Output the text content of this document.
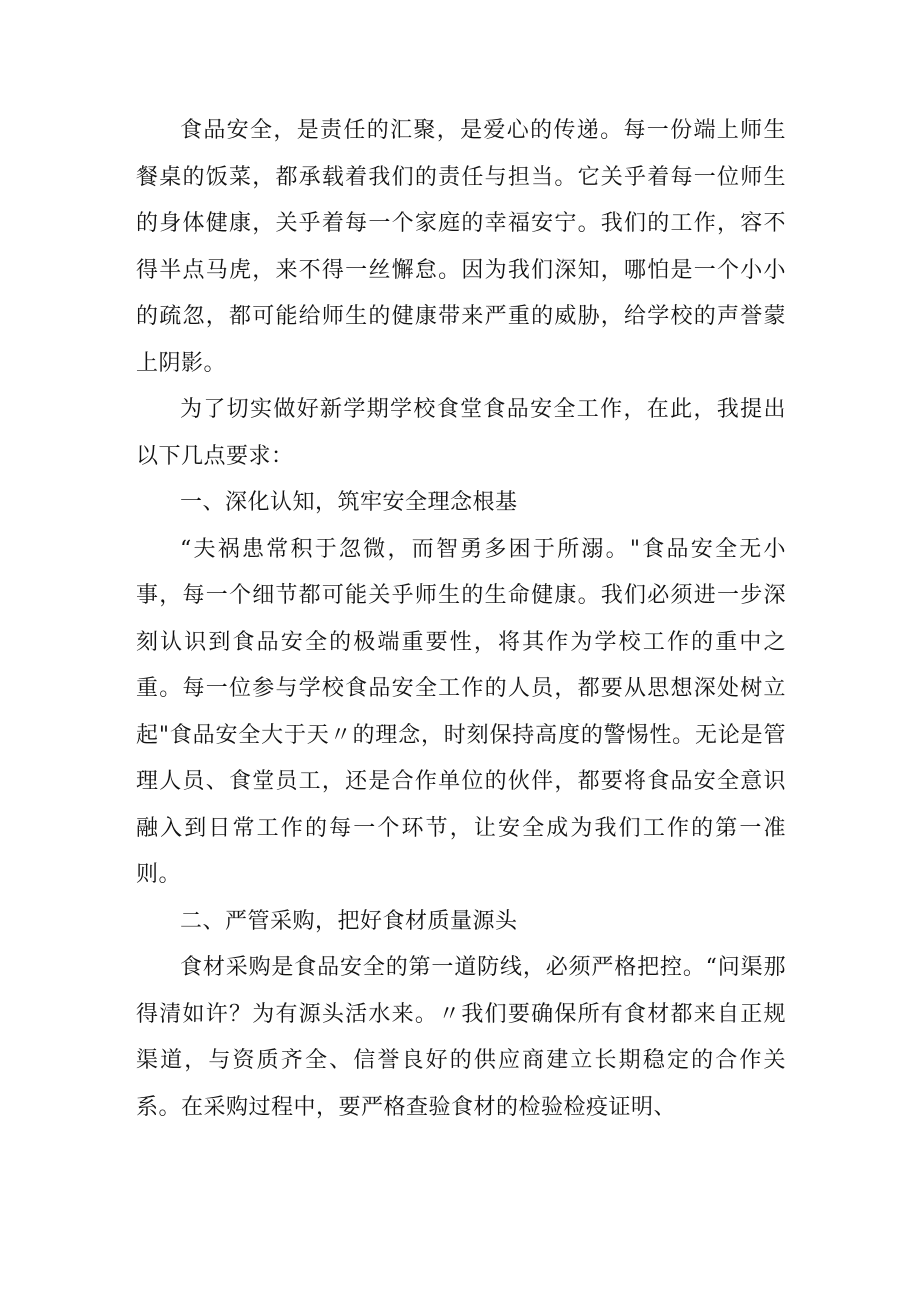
食品安全，是责任的汇聚，是爱心的传递。每一份端上师生餐桌的饭菜，都承载着我们的责任与担当。它关乎着每一位师生的身体健康，关乎着每一个家庭的幸福安宁。我们的工作，容不得半点马虎，来不得一丝懈怠。因为我们深知，哪怕是一个小小的疏忽，都可能给师生的健康带来严重的威胁，给学校的声誉蒙上阴影。

为了切实做好新学期学校食堂食品安全工作，在此，我提出以下几点要求：

一、深化认知，筑牢安全理念根基

“夫祸患常积于忽微，而智勇多困于所溺。"食品安全无小事，每一个细节都可能关乎师生的生命健康。我们必须进一步深刻认识到食品安全的极端重要性，将其作为学校工作的重中之重。每一位参与学校食品安全工作的人员，都要从思想深处树立起"食品安全大于天〃的理念，时刻保持高度的警惕性。无论是管理人员、食堂员工，还是合作单位的伙伴，都要将食品安全意识融入到日常工作的每一个环节，让安全成为我们工作的第一准则。

二、严管采购，把好食材质量源头

食材采购是食品安全的第一道防线，必须严格把控。“问渠那得清如许？为有源头活水来。〃我们要确保所有食材都来自正规渠道，与资质齐全、信誉良好的供应商建立长期稳定的合作关系。在采购过程中，要严格查验食材的检验检疫证明、
